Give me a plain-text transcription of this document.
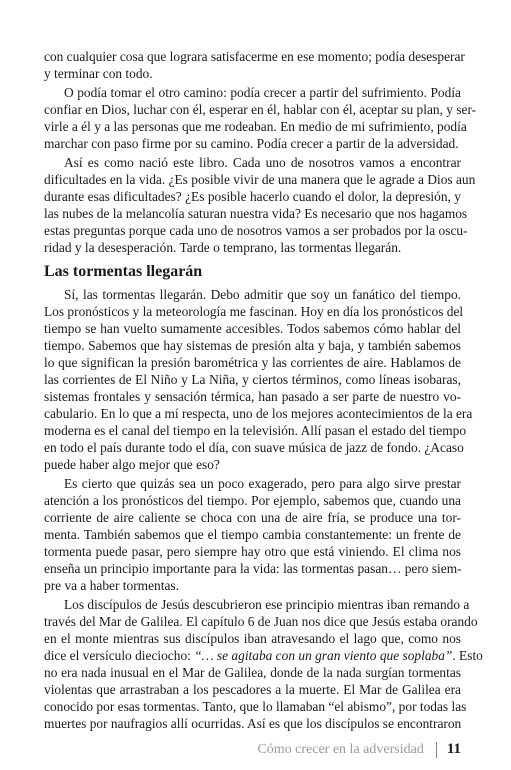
con cualquier cosa que lograra satisfacerme en ese momento; podía desesperar
y terminar con todo.
O podía tomar el otro camino: podía crecer a partir del sufrimiento. Podía
confiar en Dios, luchar con él, esperar en él, hablar con él, aceptar su plan, y ser-
virle a él y a las personas que me rodeaban. En medio de mi sufrimiento, podía
marchar con paso firme por su camino. Podía crecer a partir de la adversidad.
Así es como nació este libro. Cada uno de nosotros vamos a encontrar
dificultades en la vida. ¿Es posible vivir de una manera que le agrade a Dios aun
durante esas dificultades? ¿Es posible hacerlo cuando el dolor, la depresión, y
las nubes de la melancolía saturan nuestra vida? Es necesario que nos hagamos
estas preguntas porque cada uno de nosotros vamos a ser probados por la oscu-
ridad y la desesperación. Tarde o temprano, las tormentas llegarán.
Las tormentas llegarán
Sí, las tormentas llegarán. Debo admitir que soy un fanático del tiempo.
Los pronósticos y la meteorología me fascinan. Hoy en día los pronósticos del
tiempo se han vuelto sumamente accesibles. Todos sabemos cómo hablar del
tiempo. Sabemos que hay sistemas de presión alta y baja, y también sabemos
lo que significan la presión barométrica y las corrientes de aire. Hablamos de
las corrientes de El Niño y La Niña, y ciertos términos, como líneas isobaras,
sistemas frontales y sensación térmica, han pasado a ser parte de nuestro vo-
cabulario. En lo que a mí respecta, uno de los mejores acontecimientos de la era
moderna es el canal del tiempo en la televisión. Allí pasan el estado del tiempo
en todo el país durante todo el día, con suave música de jazz de fondo. ¿Acaso
puede haber algo mejor que eso?
Es cierto que quizás sea un poco exagerado, pero para algo sirve prestar
atención a los pronósticos del tiempo. Por ejemplo, sabemos que, cuando una
corriente de aire caliente se choca con una de aire fría, se produce una tor-
menta. También sabemos que el tiempo cambia constantemente: un frente de
tormenta puede pasar, pero siempre hay otro que está viniendo. El clima nos
enseña un principio importante para la vida: las tormentas pasan… pero siem-
pre va a haber tormentas.
Los discípulos de Jesús descubrieron ese principio mientras iban remando a
través del Mar de Galilea. El capítulo 6 de Juan nos dice que Jesús estaba orando
en el monte mientras sus discípulos iban atravesando el lago que, como nos
dice el versículo dieciocho: “… se agitaba con un gran viento que soplaba”. Esto
no era nada inusual en el Mar de Galilea, donde de la nada surgían tormentas
violentas que arrastraban a los pescadores a la muerte. El Mar de Galilea era
conocido por esas tormentas. Tanto, que lo llamaban “el abismo”, por todas las
muertes por naufragios allí ocurridas. Así es que los discípulos se encontraron
Cómo crecer en la adversidad 11
